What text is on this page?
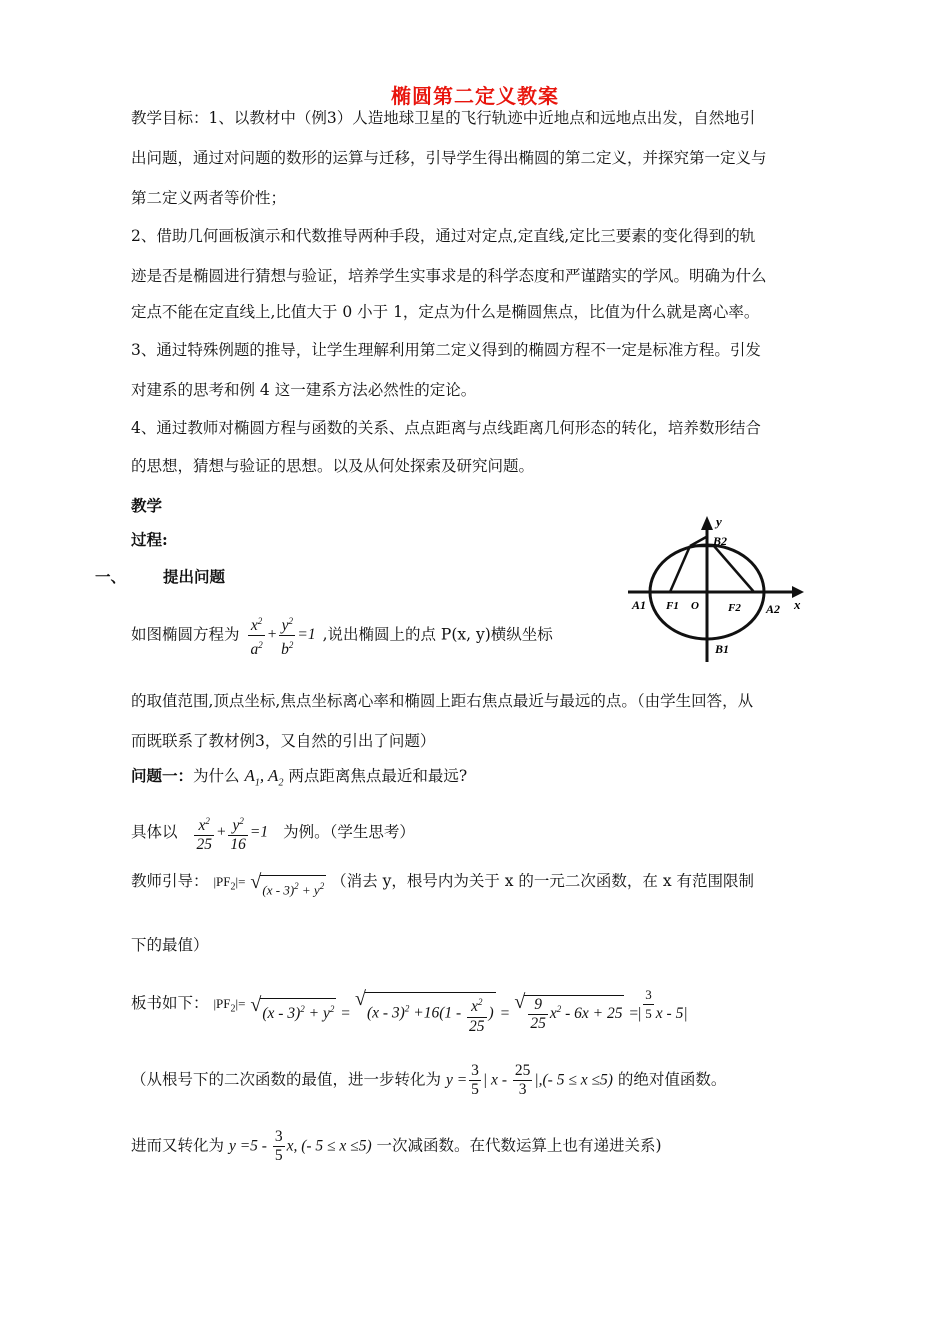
椭圆第二定义教案
教学目标：1、以教材中（例3）人造地球卫星的飞行轨迹中近地点和远地点出发，自然地引
出问题，通过对问题的数形的运算与迁移，引导学生得出椭圆的第二定义，并探究第一定义与
第二定义两者等价性；
2、借助几何画板演示和代数推导两种手段，通过对定点,定直线,定比三要素的变化得到的轨
迹是否是椭圆进行猜想与验证，培养学生实事求是的科学态度和严谨踏实的学风。明确为什么
定点不能在定直线上,比值大于 0 小于 1，定点为什么是椭圆焦点，比值为什么就是离心率。
3、通过特殊例题的推导，让学生理解利用第二定义得到的椭圆方程不一定是标准方程。引发
对建系的思考和例 4 这一建系方法必然性的定论。
4、通过教师对椭圆方程与函数的关系、点点距离与点线距离几何形态的转化，培养数形结合
的思想，猜想与验证的思想。以及从何处探索及研究问题。
教学
过程:
一、	提出问题
y
x
O
B2
B1
A1	A2
F1	F2
如图椭圆方程为 $\frac{x^2}{a^2} + \frac{y^2}{b^2} =1$ ,说出椭圆上的点 P(x, y)横纵坐标
的取值范围,顶点坐标,焦点坐标离心率和椭圆上距右焦点最近与最远的点。（由学生回答，从
而既联系了教材例3，又自然的引出了问题）
问题一：为什么 $A_1$, $A_2$ 两点距离焦点最近和最远?
具体以 $\frac{x^2}{25} + \frac{y^2}{16} =1$ 为例。（学生思考）
教师引导： $|PF_2|=$ √ $(x - 3)^2 + y^2$ （消去 y，根号内为关于 x 的一元二次函数，在 x 有范围限制
下的最值）
板书如下： $|PF_2|=$ √ $(x - 3)^2 + y^2$ = √ $(x - 3)^2 +16(1 - \frac{x^2}{25}$ ) = √ $\frac{9}{25} x^2 - 6x + 25$ =| $\frac{3}{5}$ x - 5|
（从根号下的二次函数的最值，进一步转化为 $y = \frac{3}{5}$ | x - $\frac{25}{3}$ |,(- 5 ≤ x ≤5) 的绝对值函数。
进而又转化为 $y =5 - \frac{3}{5} x$, (- 5 ≤ x ≤5) 一次减函数。在代数运算上也有递进关系)
